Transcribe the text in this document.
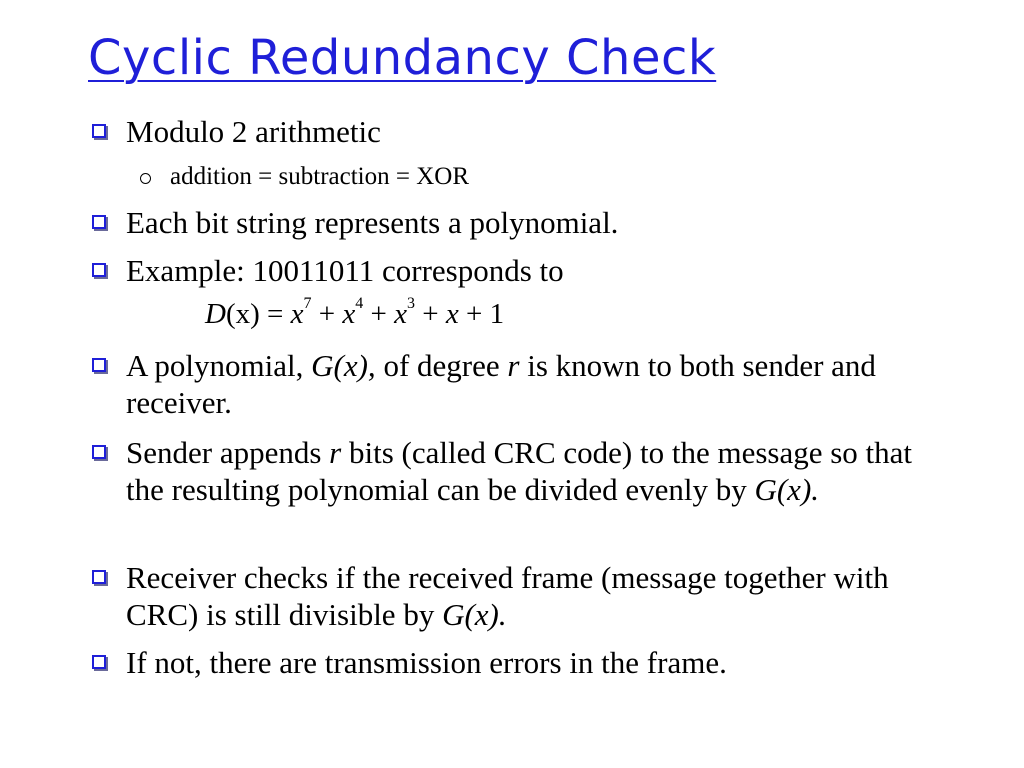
Cyclic Redundancy Check
Modulo 2 arithmetic
addition = subtraction = XOR
Each bit string represents a polynomial.
Example: 10011011 corresponds to
$D(x) = x^7 + x^4 + x^3 + x + 1$
A polynomial, G(x), of degree r is known to both sender and receiver.
Sender appends r bits (called CRC code) to the message so that the resulting polynomial can be divided evenly by G(x).
Receiver checks if the received frame (message together with CRC) is still divisible by G(x).
If not, there are transmission errors in the frame.
